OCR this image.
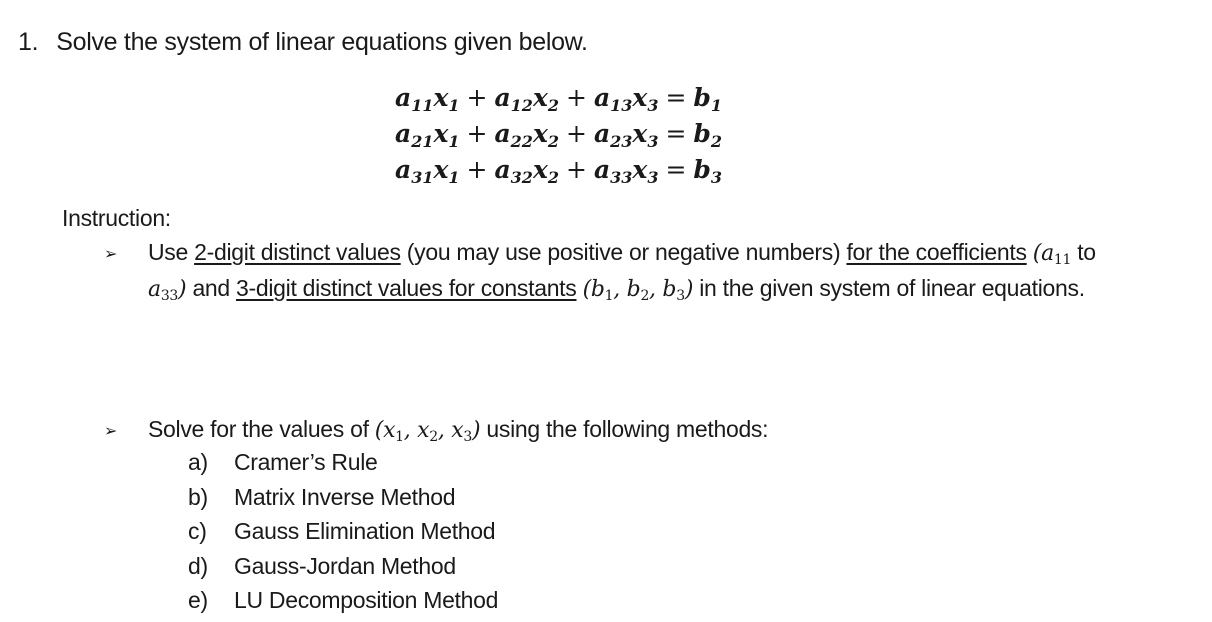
1. Solve the system of linear equations given below.
$a_{11}x_1 + a_{12}x_2 + a_{13}x_3 = b_1$
$a_{21}x_1 + a_{22}x_2 + a_{23}x_3 = b_2$
$a_{31}x_1 + a_{32}x_2 + a_{33}x_3 = b_3$
Instruction:
➢	Use 2-digit distinct values (you may use positive or negative numbers) for the coefficients ($a_{11}$ to
$a_{33}$) and 3-digit distinct values for constants ($b_1$, $b_2$, $b_3$) in the given system of linear equations.
➢	Solve for the values of ($x_1$, $x_2$, $x_3$) using the following methods:
a) Cramer’s Rule
b) Matrix Inverse Method
c) Gauss Elimination Method
d) Gauss-Jordan Method
e) LU Decomposition Method
